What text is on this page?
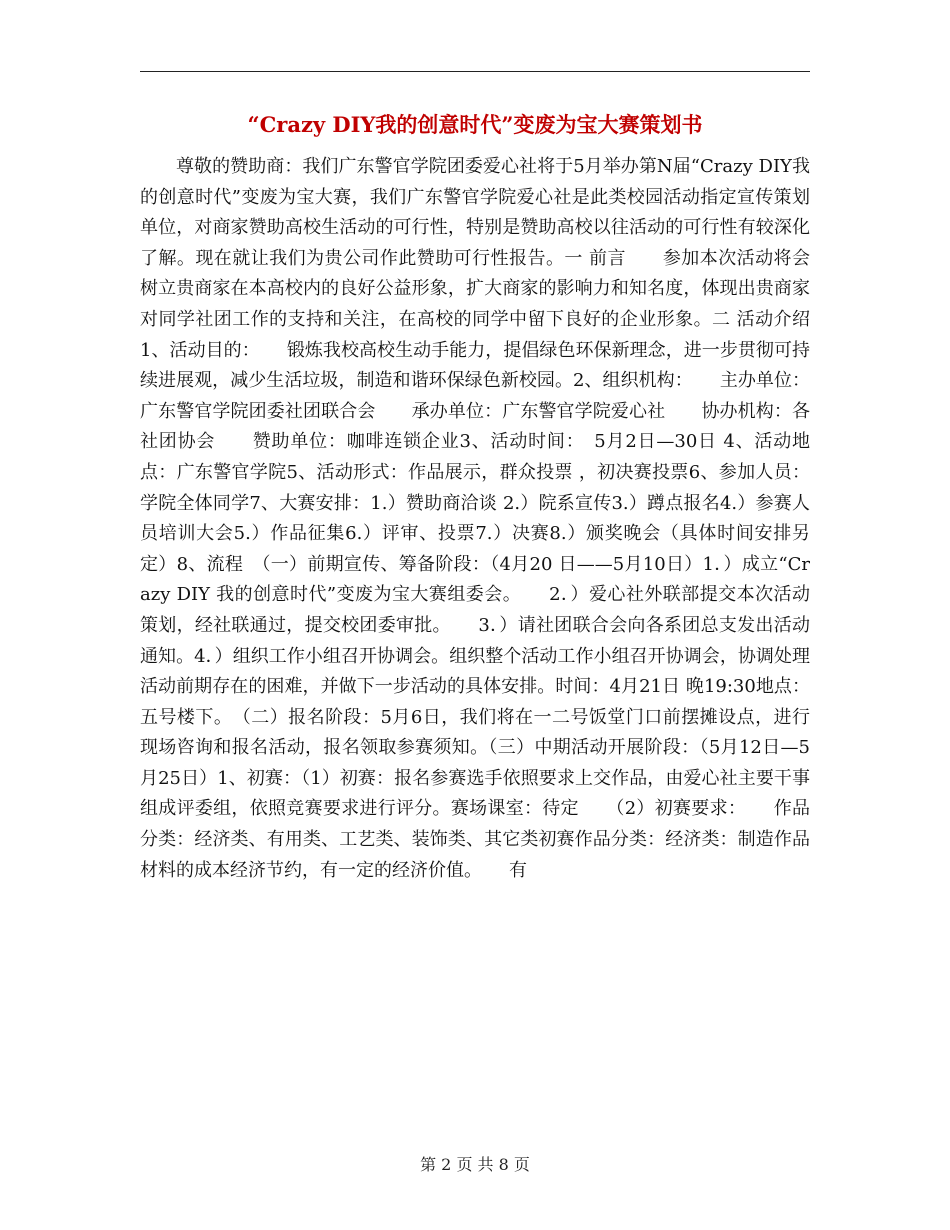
“Crazy DIY我的创意时代”变废为宝大赛策划书

尊敬的赞助商：我们广东警官学院团委爱心社将于5月举办第N届“Crazy DIY我的创意时代”变废为宝大赛，我们广东警官学院爱心社是此类校园活动指定宣传策划单位，对商家赞助高校生活动的可行性，特别是赞助高校以往活动的可行性有较深化了解。现在就让我们为贵公司作此赞助可行性报告。一 前言　　参加本次活动将会树立贵商家在本高校内的良好公益形象，扩大商家的影响力和知名度，体现出贵商家对同学社团工作的支持和关注，在高校的同学中留下良好的企业形象。二 活动介绍1、活动目的：　　锻炼我校高校生动手能力，提倡绿色环保新理念，进一步贯彻可持续进展观，减少生活垃圾，制造和谐环保绿色新校园。2、组织机构：　　主办单位：广东警官学院团委社团联合会　　承办单位：广东警官学院爱心社　　协办机构：各社团协会　　赞助单位：咖啡连锁企业3、活动时间：　5月2日—30日 4、活动地点：广东警官学院5、活动形式：作品展示，群众投票 ，初决赛投票6、参加人员：学院全体同学7、大赛安排：1.）赞助商洽谈 2.）院系宣传3.）蹲点报名4.）参赛人员培训大会5.）作品征集6.）评审、投票7.）决赛8.）颁奖晚会（具体时间安排另定）8、流程　（一）前期宣传、筹备阶段：（4月20 日——5月10日）1．）成立“Crazy DIY 我的创意时代”变废为宝大赛组委会。　　2．）爱心社外联部提交本次活动策划，经社联通过，提交校团委审批。　　3．）请社团联合会向各系团总支发出活动通知。4．）组织工作小组召开协调会。组织整个活动工作小组召开协调会，协调处理活动前期存在的困难，并做下一步活动的具体安排。时间：4月21日 晚19:30地点：五号楼下。　（二）报名阶段：5月6日，我们将在一二号饭堂门口前摆摊设点，进行现场咨询和报名活动，报名领取参赛须知。（三）中期活动开展阶段：（5月12日—5月25日）1、初赛：（1）初赛：报名参赛选手依照要求上交作品，由爱心社主要干事组成评委组，依照竞赛要求进行评分。赛场课室：待定　　（2）初赛要求：　　作品分类：经济类、有用类、工艺类、装饰类、其它类初赛作品分类：经济类：制造作品材料的成本经济节约，有一定的经济价值。　　有

第 2 页 共 8 页
